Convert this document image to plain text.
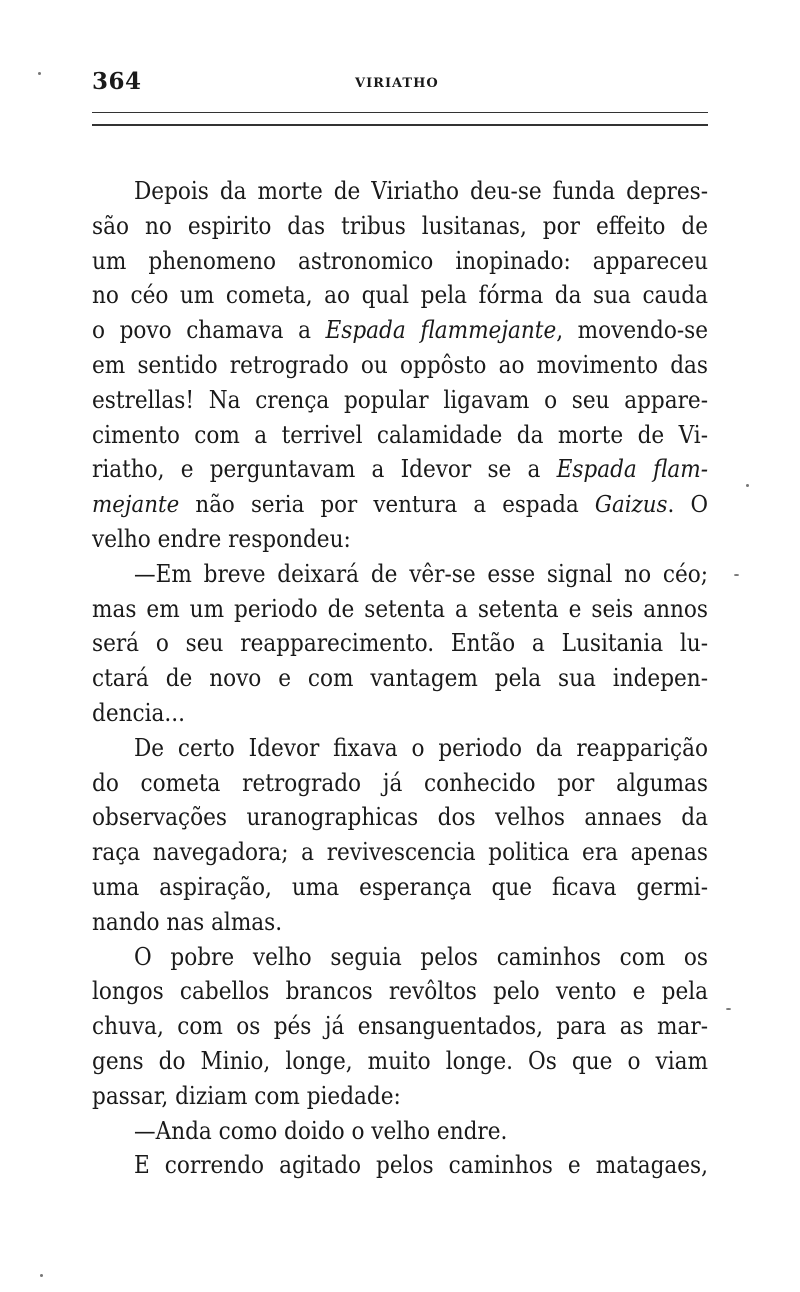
364	VIRIATHO
Depois da morte de Viriatho deu-se funda depres-
são no espirito das tribus lusitanas, por effeito de
um phenomeno astronomico inopinado: appareceu
no céo um cometa, ao qual pela fórma da sua cauda
o povo chamava a Espada flammejante, movendo-se
em sentido retrogrado ou oppôsto ao movimento das
estrellas! Na crença popular ligavam o seu appare-
cimento com a terrivel calamidade da morte de Vi-
riatho, e perguntavam a Idevor se a Espada flam-
mejante não seria por ventura a espada Gaizus. O
velho endre respondeu:
—Em breve deixará de vêr-se esse signal no céo;
mas em um periodo de setenta a setenta e seis annos
será o seu reapparecimento. Então a Lusitania lu-
ctará de novo e com vantagem pela sua indepen-
dencia...
De certo Idevor fixava o periodo da reapparição
do cometa retrogrado já conhecido por algumas
observações uranographicas dos velhos annaes da
raça navegadora; a revivescencia politica era apenas
uma aspiração, uma esperança que ficava germi-
nando nas almas.
O pobre velho seguia pelos caminhos com os
longos cabellos brancos revôltos pelo vento e pela
chuva, com os pés já ensanguentados, para as mar-
gens do Minio, longe, muito longe. Os que o viam
passar, diziam com piedade:
—Anda como doido o velho endre.
E correndo agitado pelos caminhos e matagaes,
